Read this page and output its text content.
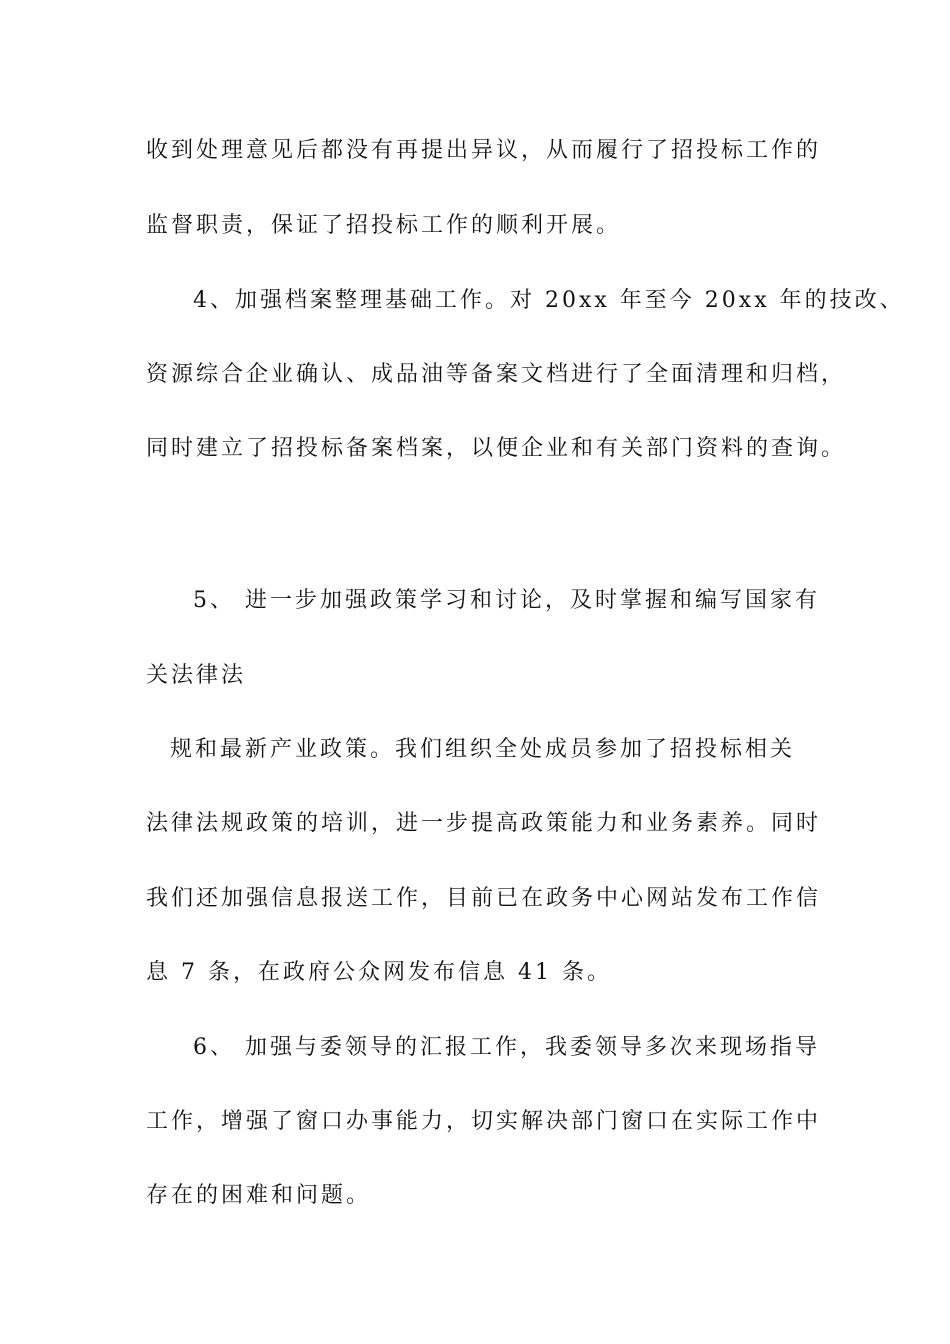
收到处理意见后都没有再提出异议，从而履行了招投标工作的

监督职责，保证了招投标工作的顺利开展。

4、加强档案整理基础工作。对 20xx 年至今 20xx 年的技改、

资源综合企业确认、成品油等备案文档进行了全面清理和归档，

同时建立了招投标备案档案，以便企业和有关部门资料的查询。

5、 进一步加强政策学习和讨论，及时掌握和编写国家有

关法律法

规和最新产业政策。我们组织全处成员参加了招投标相关

法律法规政策的培训，进一步提高政策能力和业务素养。同时

我们还加强信息报送工作，目前已在政务中心网站发布工作信

息 7 条，在政府公众网发布信息 41 条。

6、 加强与委领导的汇报工作，我委领导多次来现场指导

工作，增强了窗口办事能力，切实解决部门窗口在实际工作中

存在的困难和问题。
